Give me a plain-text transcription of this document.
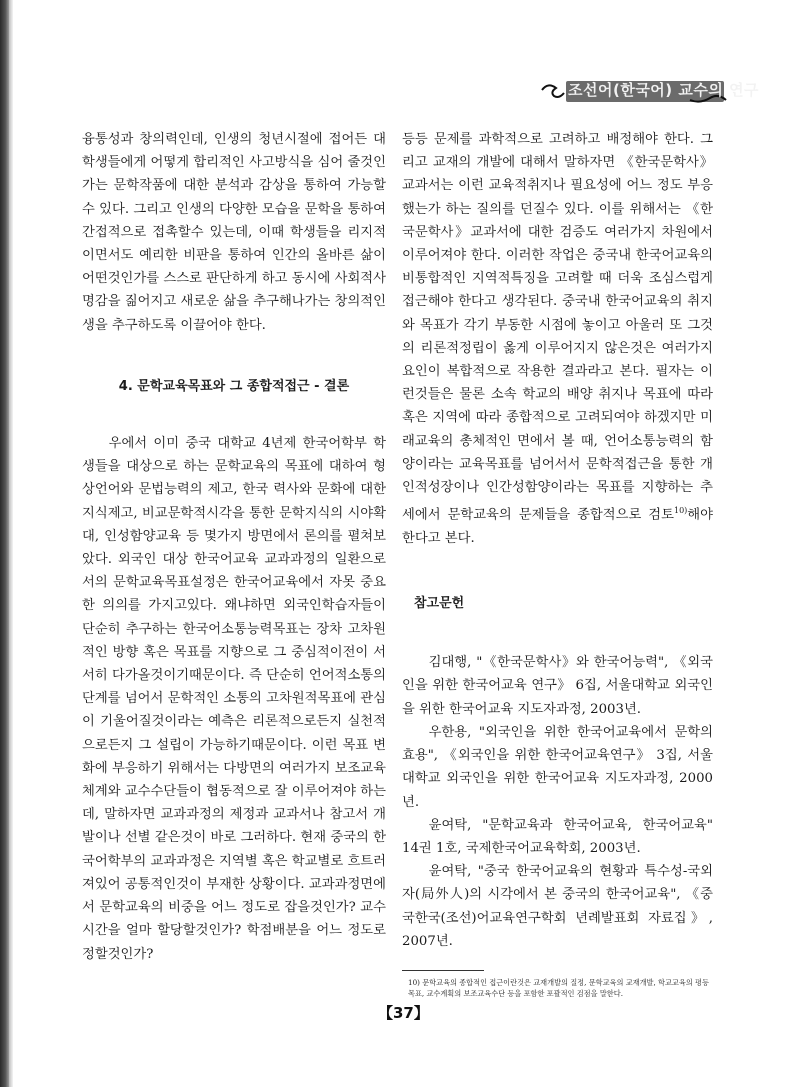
조선어(한국어) 교수의 연구

융통성과 창의력인데, 인생의 청년시절에 접어든 대학생들에게 어떻게 합리적인 사고방식을 심어 줄것인가는 문학작품에 대한 분석과 감상을 통하여 가능할수 있다. 그리고 인생의 다양한 모습을 문학을 통하여 간접적으로 접촉할수 있는데, 이때 학생들을 리지적이면서도 예리한 비판을 통하여 인간의 올바른 삶이 어떤것인가를 스스로 판단하게 하고 동시에 사회적사명감을 짊어지고 새로운 삶을 추구해나가는 창의적인생을 추구하도록 이끌어야 한다.

4. 문학교육목표와 그 종합적접근 - 결론

우에서 이미 중국 대학교 4년제 한국어학부 학생들을 대상으로 하는 문학교육의 목표에 대하여 형상언어와 문법능력의 제고, 한국 력사와 문화에 대한 지식제고, 비교문학적시각을 통한 문학지식의 시야확대, 인성함양교육 등 몇가지 방면에서 론의를 펼쳐보았다. 외국인 대상 한국어교육 교과과정의 일환으로서의 문학교육목표설정은 한국어교육에서 자못 중요한 의의를 가지고있다. 왜냐하면 외국인학습자들이 단순히 추구하는 한국어소통능력목표는 장차 고차원적인 방향 혹은 목표를 지향으로 그 중심적이전이 서서히 다가올것이기때문이다. 즉 단순히 언어적소통의 단계를 넘어서 문학적인 소통의 고차원적목표에 관심이 기울어질것이라는 예측은 리론적으로든지 실천적으로든지 그 설립이 가능하기때문이다. 이런 목표 변화에 부응하기 위해서는 다방면의 여러가지 보조교육체계와 교수수단들이 협동적으로 잘 이루어져야 하는데, 말하자면 교과과정의 제정과 교과서나 참고서 개발이나 선별 같은것이 바로 그러하다. 현재 중국의 한국어학부의 교과과정은 지역별 혹은 학교별로 흐트러져있어 공통적인것이 부재한 상황이다. 교과과정면에서 문학교육의 비중을 어느 정도로 잡을것인가? 교수시간을 얼마 할당할것인가? 학점배분을 어느 정도로 정할것인가?

등등 문제를 과학적으로 고려하고 배정해야 한다. 그리고 교재의 개발에 대해서 말하자면 《한국문학사》교과서는 이런 교육적취지나 필요성에 어느 정도 부응했는가 하는 질의를 던질수 있다. 이를 위해서는 《한국문학사》교과서에 대한 검증도 여러가지 차원에서 이루어져야 한다. 이러한 작업은 중국내 한국어교육의 비통합적인 지역적특징을 고려할 때 더욱 조심스럽게 접근해야 한다고 생각된다. 중국내 한국어교육의 취지와 목표가 각기 부동한 시점에 놓이고 아울러 또 그것의 리론적정립이 옳게 이루어지지 않은것은 여러가지 요인이 복합적으로 작용한 결과라고 본다. 필자는 이런것들은 물론 소속 학교의 배양 취지나 목표에 따라 혹은 지역에 따라 종합적으로 고려되여야 하겠지만 미래교육의 총체적인 면에서 볼 때, 언어소통능력의 함양이라는 교육목표를 넘어서서 문학적접근을 통한 개인적성장이나 인간성함양이라는 목표를 지향하는 추세에서 문학교육의 문제들을 종합적으로 검토$^{10)}$해야 한다고 본다.

참고문헌

김대행, "《한국문학사》와 한국어능력", 《외국인을 위한 한국어교육 연구》 6집, 서울대학교 외국인을 위한 한국어교육 지도자과정, 2003년.

우한용, "외국인을 위한 한국어교육에서 문학의 효용", 《외국인을 위한 한국어교육연구》 3집, 서울대학교 외국인을 위한 한국어교육 지도자과정, 2000년.

윤여탁, "문학교육과 한국어교육, 한국어교육" 14권 1호, 국제한국어교육학회, 2003년.

윤여탁, "중국 한국어교육의 현황과 특수성-국외자(局外人)의 시각에서 본 중국의 한국어교육", 《중국한국(조선)어교육연구학회 년례발표회 자료집》, 2007년.

10) 문학교육의 종합적인 접근이란것은 교재개발의 질정, 문학교육의 교재개발, 학교교육의 평등목표, 교수계획의 보조교육수단 등을 포함한 포괄적인 검점을 말한다.
【37】
